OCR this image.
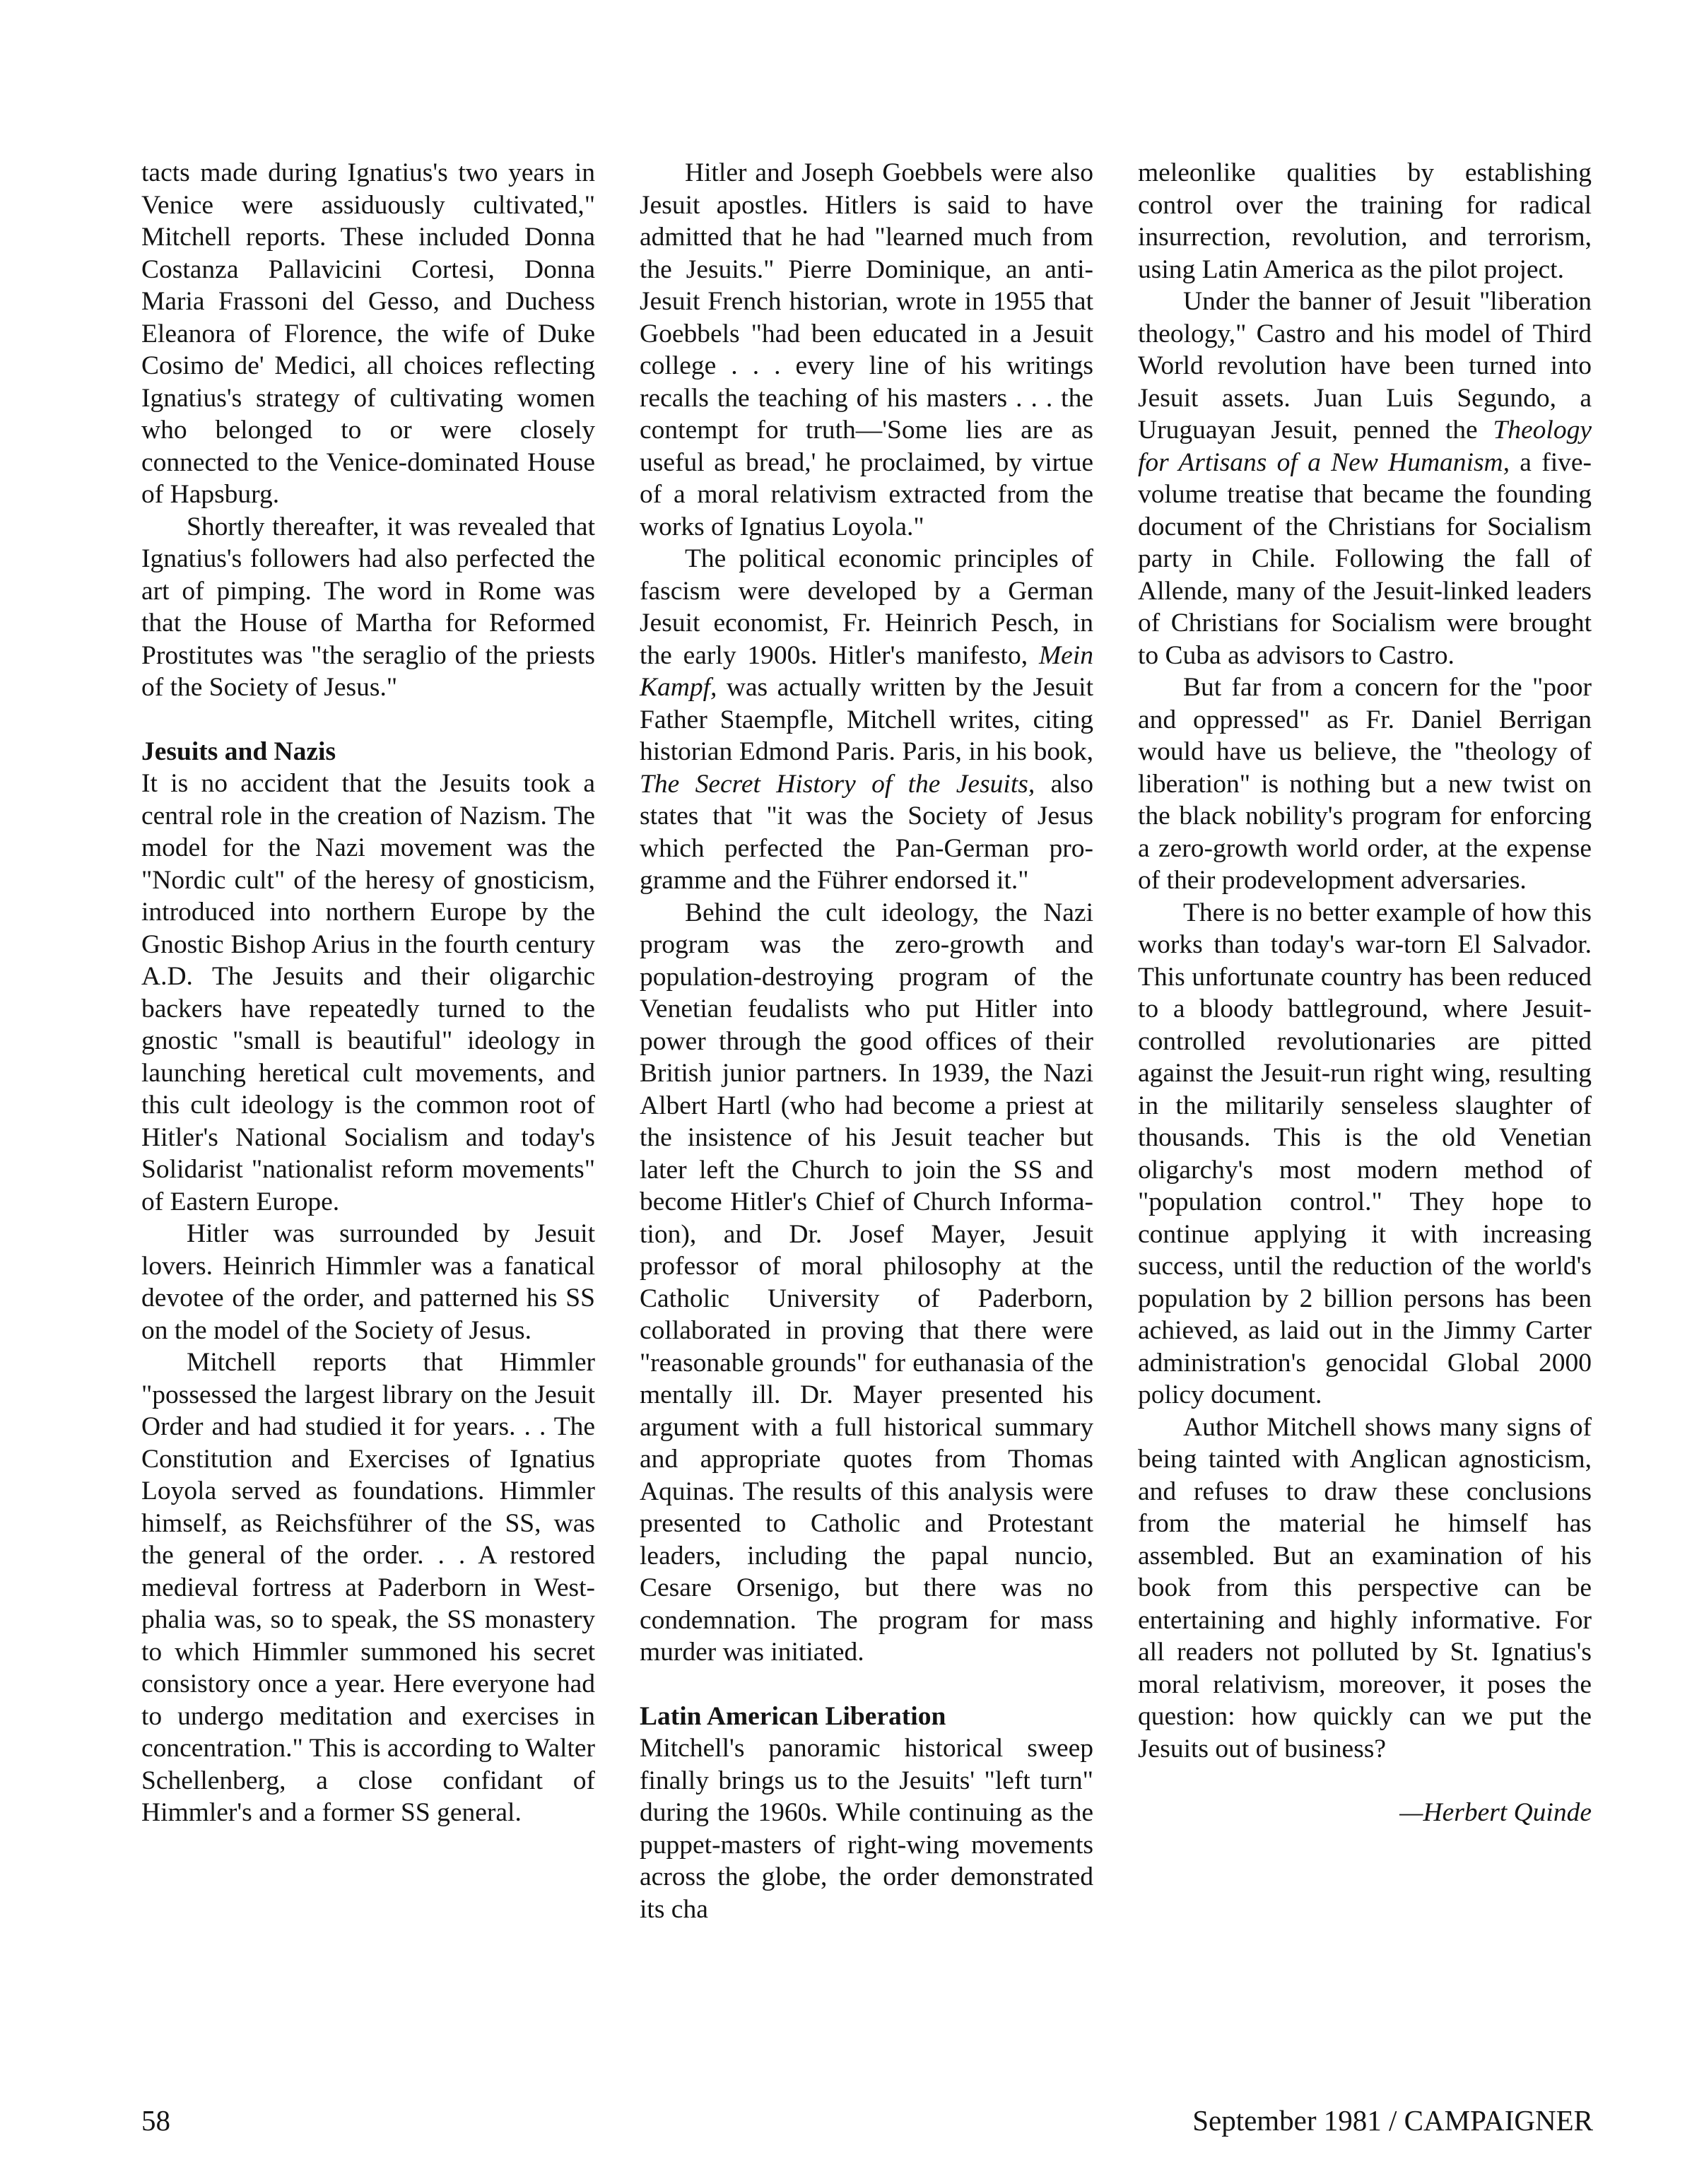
tacts made during Ignatius's two years in Venice were assiduously cultivated," Mitchell reports. These included Donna Costanza Pallavicini Cortesi, Donna Maria Frassoni del Gesso, and Duchess Eleanora of Florence, the wife of Duke Cosimo de' Medici, all choices reflecting Ignatius's strategy of cultivating women who belonged to or were closely connected to the Venice-dominated House of Hapsburg.

Shortly thereafter, it was revealed that Ignatius's followers had also perfected the art of pimping. The word in Rome was that the House of Martha for Reformed Prostitutes was "the seraglio of the priests of the Society of Jesus."

Jesuits and Nazis

It is no accident that the Jesuits took a central role in the creation of Nazism. The model for the Nazi movement was the "Nordic cult" of the heresy of gnosticism, introduced into northern Europe by the Gnostic Bishop Arius in the fourth century A.D. The Jesuits and their oligarchic backers have repeatedly turned to the gnostic "small is beautiful" ideology in launching heretical cult movements, and this cult ideology is the common root of Hitler's National Socialism and today's Solidarist "nationalist reform movements" of Eastern Europe.

Hitler was surrounded by Jesuit lovers. Heinrich Himmler was a fanatical devotee of the order, and patterned his SS on the model of the Society of Jesus.

Mitchell reports that Himmler "possessed the largest library on the Jesuit Order and had studied it for years. . . The Constitution and Exercises of Ignatius Loyola served as foundations. Himmler himself, as Reichsführer of the SS, was the general of the order. . . A restored medieval fortress at Paderborn in Westphalia was, so to speak, the SS monastery to which Himmler summoned his secret consistory once a year. Here everyone had to undergo meditation and exercises in concentration." This is according to Walter Schellenberg, a close confidant of Himmler's and a former SS general.

Hitler and Joseph Goebbels were also Jesuit apostles. Hitlers is said to have admitted that he had "learned much from the Jesuits." Pierre Dominique, an anti-Jesuit French historian, wrote in 1955 that Goebbels "had been educated in a Jesuit college . . . every line of his writings recalls the teaching of his masters . . . the contempt for truth—'Some lies are as useful as bread,' he proclaimed, by virtue of a moral relativism extracted from the works of Ignatius Loyola."

The political economic principles of fascism were developed by a German Jesuit economist, Fr. Heinrich Pesch, in the early 1900s. Hitler's manifesto, Mein Kampf, was actually written by the Jesuit Father Staempfle, Mitchell writes, citing historian Edmond Paris. Paris, in his book, The Secret History of the Jesuits, also states that "it was the Society of Jesus which perfected the Pan-German programme and the Führer endorsed it."

Behind the cult ideology, the Nazi program was the zero-growth and population-destroying program of the Venetian feudalists who put Hitler into power through the good offices of their British junior partners. In 1939, the Nazi Albert Hartl (who had become a priest at the insistence of his Jesuit teacher but later left the Church to join the SS and become Hitler's Chief of Church Information), and Dr. Josef Mayer, Jesuit professor of moral philosophy at the Catholic University of Paderborn, collaborated in proving that there were "reasonable grounds" for euthanasia of the mentally ill. Dr. Mayer presented his argument with a full historical summary and appropriate quotes from Thomas Aquinas. The results of this analysis were presented to Catholic and Protestant leaders, including the papal nuncio, Cesare Orsenigo, but there was no condemnation. The program for mass murder was initiated.

Latin American Liberation

Mitchell's panoramic historical sweep finally brings us to the Jesuits' "left turn" during the 1960s. While continuing as the puppet-masters of right-wing movements across the globe, the order demonstrated its cha

meleonlike qualities by establishing control over the training for radical insurrection, revolution, and terrorism, using Latin America as the pilot project.

Under the banner of Jesuit "liberation theology," Castro and his model of Third World revolution have been turned into Jesuit assets. Juan Luis Segundo, a Uruguayan Jesuit, penned the Theology for Artisans of a New Humanism, a five-volume treatise that became the founding document of the Christians for Socialism party in Chile. Following the fall of Allende, many of the Jesuit-linked leaders of Christians for Socialism were brought to Cuba as advisors to Castro.

But far from a concern for the "poor and oppressed" as Fr. Daniel Berrigan would have us believe, the "theology of liberation" is nothing but a new twist on the black nobility's program for enforcing a zero-growth world order, at the expense of their prodevelopment adversaries.

There is no better example of how this works than today's war-torn El Salvador. This unfortunate country has been reduced to a bloody battleground, where Jesuit-controlled revolutionaries are pitted against the Jesuit-run right wing, resulting in the militarily senseless slaughter of thousands. This is the old Venetian oligarchy's most modern method of "population control." They hope to continue applying it with increasing success, until the reduction of the world's population by 2 billion persons has been achieved, as laid out in the Jimmy Carter administration's genocidal Global 2000 policy document.

Author Mitchell shows many signs of being tainted with Anglican agnosticism, and refuses to draw these conclusions from the material he himself has assembled. But an examination of his book from this perspective can be entertaining and highly informative. For all readers not polluted by St. Ignatius's moral relativism, moreover, it poses the question: how quickly can we put the Jesuits out of business?

—Herbert Quinde

58	September 1981 / CAMPAIGNER
